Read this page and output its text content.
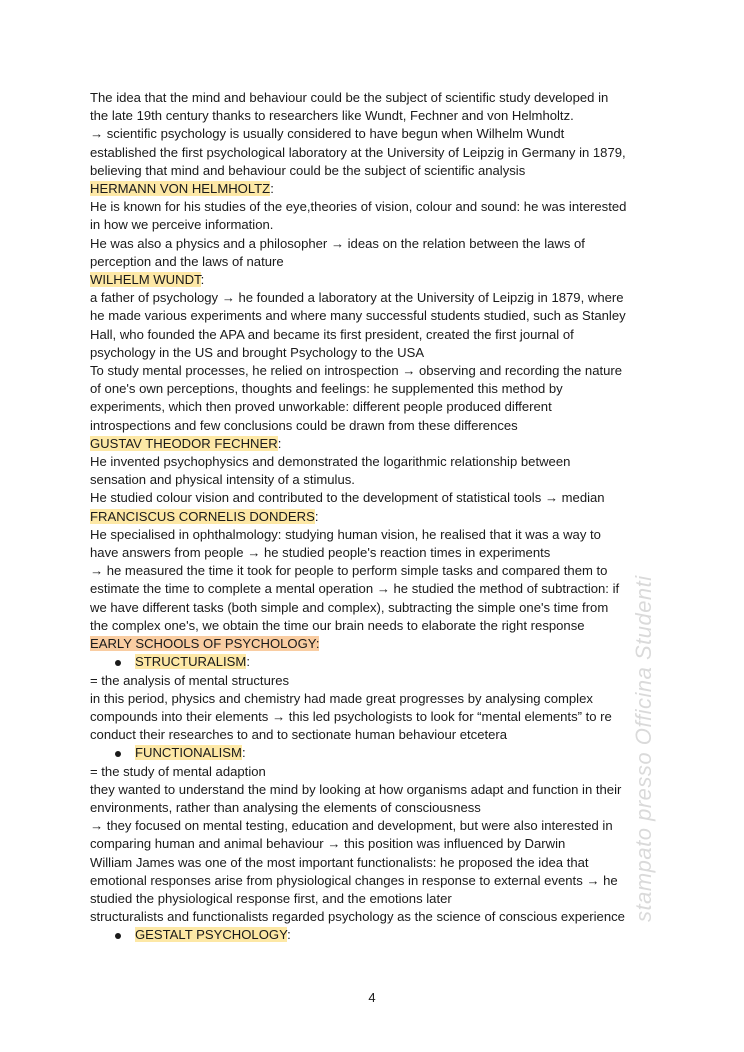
The idea that the mind and behaviour could be the subject of scientific study developed in

the late 19th century thanks to researchers like Wundt, Fechner and von Helmholtz.

→ scientific psychology is usually considered to have begun when Wilhelm Wundt

established the first psychological laboratory at the University of Leipzig in Germany in 1879,

believing that mind and behaviour could be the subject of scientific analysis

HERMANN VON HELMHOLTZ:

He is known for his studies of the eye,theories of vision, colour and sound: he was interested

in how we perceive information.

He was also a physics and a philosopher → ideas on the relation between the laws of

perception and the laws of nature

WILHELM WUNDT:

a father of psychology → he founded a laboratory at the University of Leipzig in 1879, where

he made various experiments and where many successful students studied, such as Stanley

Hall, who founded the APA and became its first president, created the first journal of

psychology in the US and brought Psychology to the USA

To study mental processes, he relied on introspection → observing and recording the nature

of one's own perceptions, thoughts and feelings: he supplemented this method by

experiments, which then proved unworkable: different people produced different

introspections and few conclusions could be drawn from these differences

GUSTAV THEODOR FECHNER:

He invented psychophysics and demonstrated the logarithmic relationship between

sensation and physical intensity of a stimulus.

He studied colour vision and contributed to the development of statistical tools → median

FRANCISCUS CORNELIS DONDERS:

He specialised in ophthalmology: studying human vision, he realised that it was a way to

have answers from people → he studied people's reaction times in experiments

→ he measured the time it took for people to perform simple tasks and compared them to

estimate the time to complete a mental operation → he studied the method of subtraction: if

we have different tasks (both simple and complex), subtracting the simple one's time from

the complex one's, we obtain the time our brain needs to elaborate the right response

EARLY SCHOOLS OF PSYCHOLOGY:

STRUCTURALISM:

= the analysis of mental structures

in this period, physics and chemistry had made great progresses by analysing complex

compounds into their elements → this led psychologists to look for “mental elements” to re

conduct their researches to and to sectionate human behaviour etcetera

FUNCTIONALISM:

= the study of mental adaption

they wanted to understand the mind by looking at how organisms adapt and function in their

environments, rather than analysing the elements of consciousness

→ they focused on mental testing, education and development, but were also interested in

comparing human and animal behaviour → this position was influenced by Darwin

William James was one of the most important functionalists: he proposed the idea that

emotional responses arise from physiological changes in response to external events → he

studied the physiological response first, and the emotions later

structuralists and functionalists regarded psychology as the science of conscious experience

GESTALT PSYCHOLOGY:
stampato presso Officina Studenti
4
